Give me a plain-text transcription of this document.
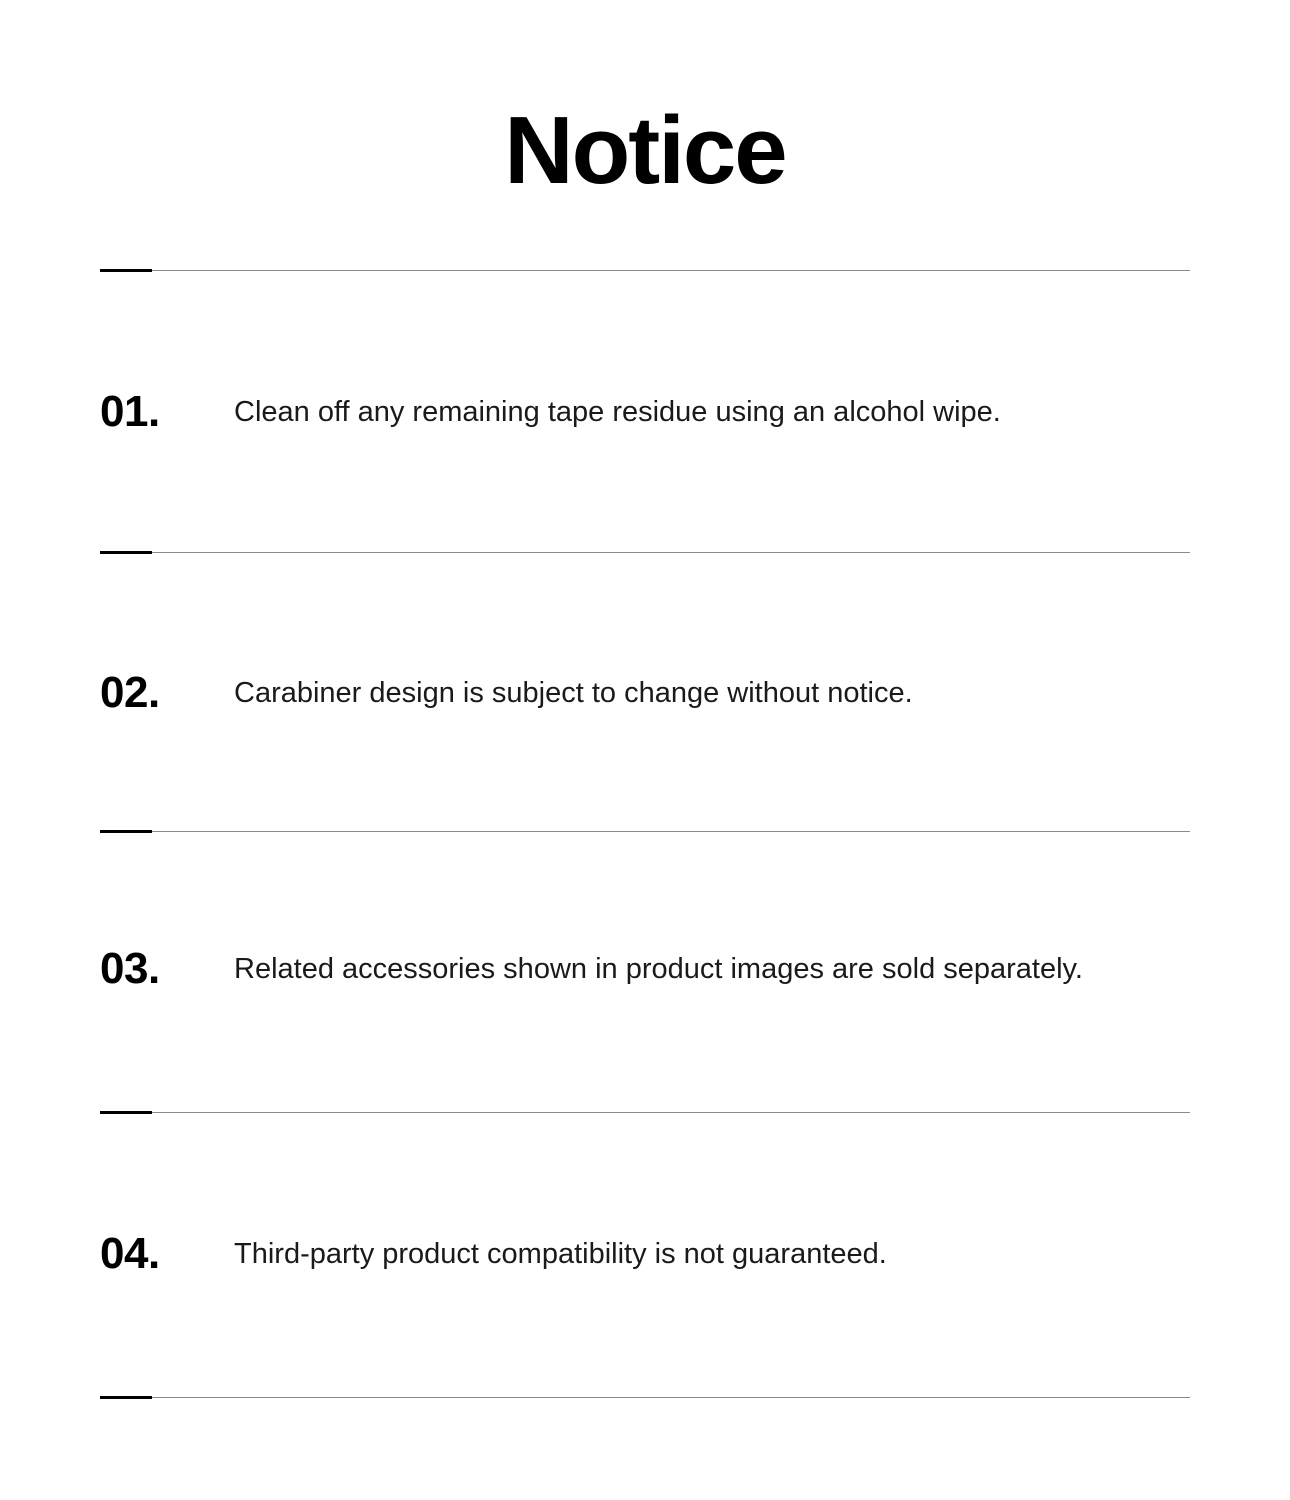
Notice
01.	Clean off any remaining tape residue using an alcohol wipe.
02.	Carabiner design is subject to change without notice.
03.	Related accessories shown in product images are sold separately.
04.	Third-party product compatibility is not guaranteed.
